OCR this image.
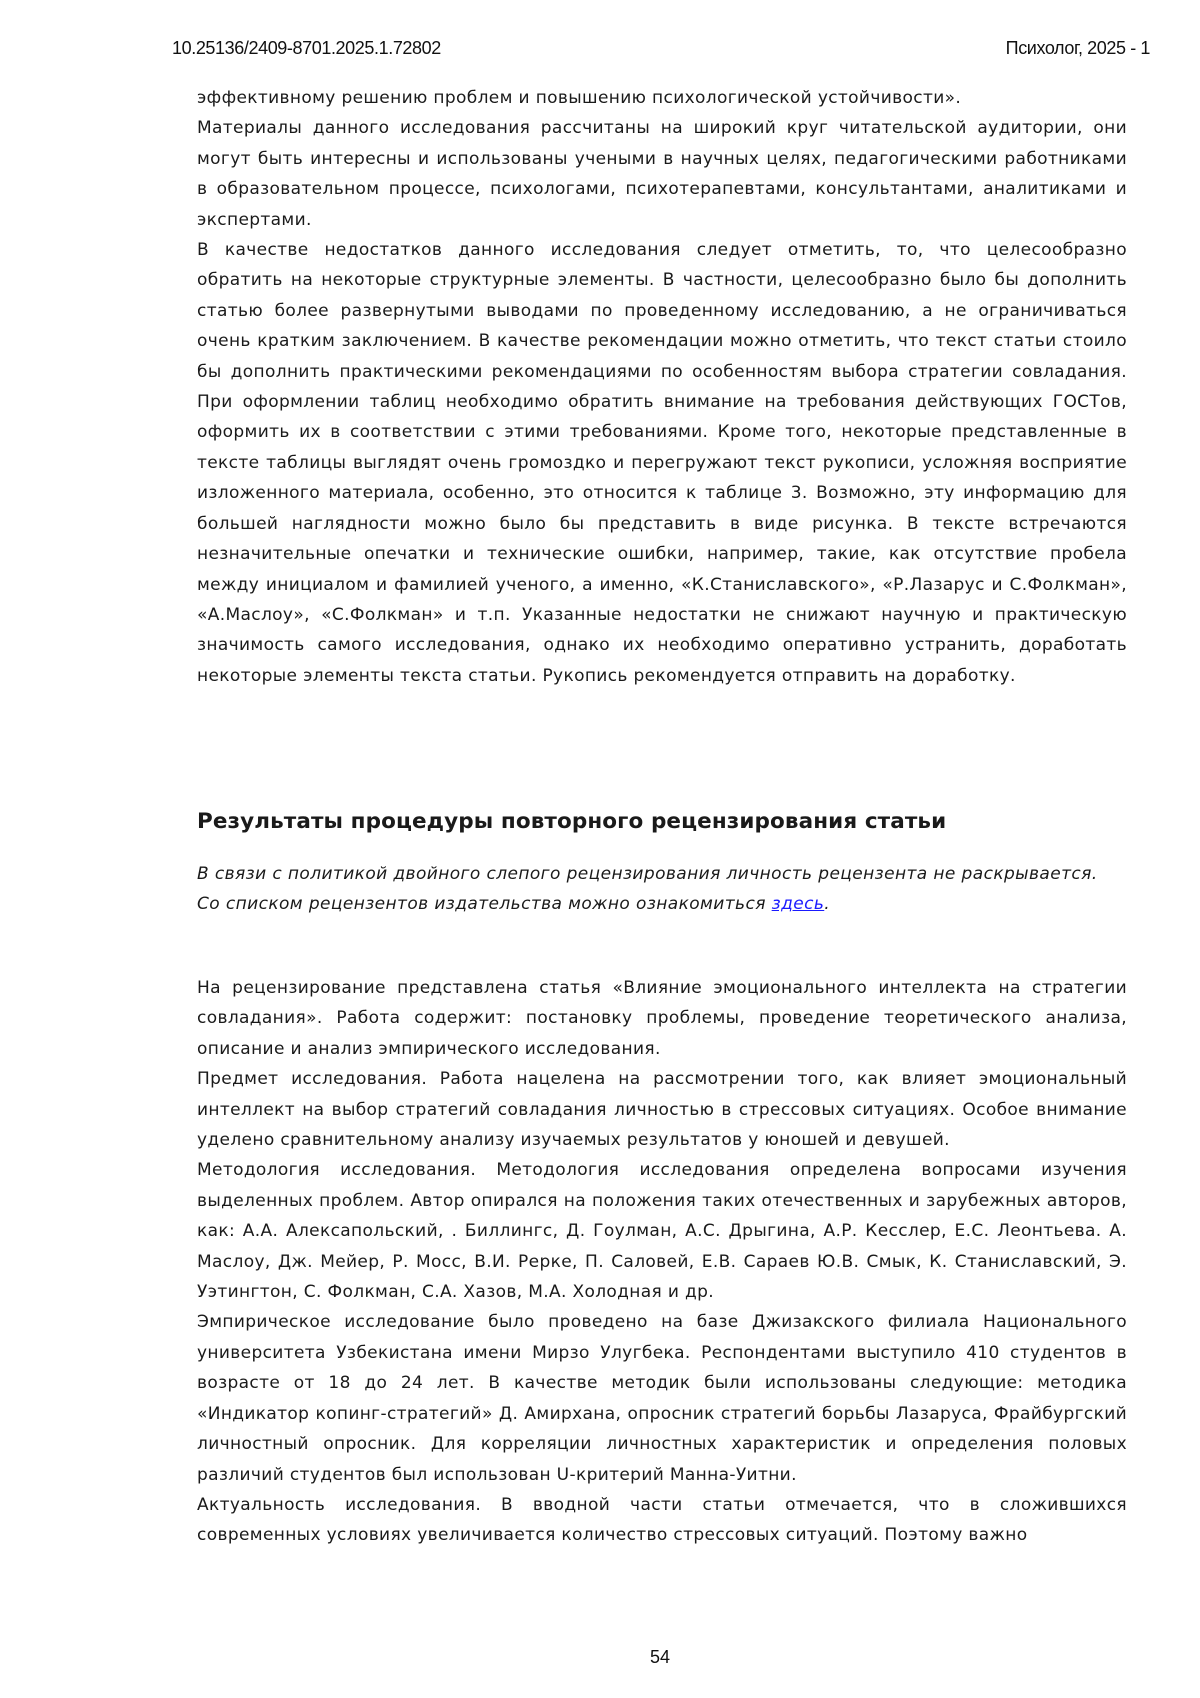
10.25136/2409-8701.2025.1.72802	Психолог, 2025 - 1

эффективному решению проблем и повышению психологической устойчивости».

Материалы данного исследования рассчитаны на широкий круг читательской аудитории, они могут быть интересны и использованы учеными в научных целях, педагогическими работниками в образовательном процессе, психологами, психотерапевтами, консультантами, аналитиками и экспертами.

В качестве недостатков данного исследования следует отметить, то, что целесообразно обратить на некоторые структурные элементы. В частности, целесообразно было бы дополнить статью более развернутыми выводами по проведенному исследованию, а не ограничиваться очень кратким заключением. В качестве рекомендации можно отметить, что текст статьи стоило бы дополнить практическими рекомендациями по особенностям выбора стратегии совладания. При оформлении таблиц необходимо обратить внимание на требования действующих ГОСТов, оформить их в соответствии с этими требованиями. Кроме того, некоторые представленные в тексте таблицы выглядят очень громоздко и перегружают текст рукописи, усложняя восприятие изложенного материала, особенно, это относится к таблице 3. Возможно, эту информацию для большей наглядности можно было бы представить в виде рисунка. В тексте встречаются незначительные опечатки и технические ошибки, например, такие, как отсутствие пробела между инициалом и фамилией ученого, а именно, «К.Станиславского», «Р.Лазарус и С.Фолкман», «А.Маслоу», «С.Фолкман» и т.п. Указанные недостатки не снижают научную и практическую значимость самого исследования, однако их необходимо оперативно устранить, доработать некоторые элементы текста статьи. Рукопись рекомендуется отправить на доработку.

Результаты процедуры повторного рецензирования статьи

В связи с политикой двойного слепого рецензирования личность рецензента не раскрывается.

Со списком рецензентов издательства можно ознакомиться здесь.

На рецензирование представлена статья «Влияние эмоционального интеллекта на стратегии совладания». Работа содержит: постановку проблемы, проведение теоретического анализа, описание и анализ эмпирического исследования.

Предмет исследования. Работа нацелена на рассмотрении того, как влияет эмоциональный интеллект на выбор стратегий совладания личностью в стрессовых ситуациях. Особое внимание уделено сравнительному анализу изучаемых результатов у юношей и девушей.

Методология исследования. Методология исследования определена вопросами изучения выделенных проблем. Автор опирался на положения таких отечественных и зарубежных авторов, как: А.А. Алексапольский, . Биллингс, Д. Гоулман, А.С. Дрыгина, А.Р. Кесслер, Е.С. Леонтьева. А. Маслоу, Дж. Мейер, Р. Мосс, В.И. Рерке, П. Саловей, Е.В. Сараев Ю.В. Смык, К. Станиславский, Э. Уэтингтон, С. Фолкман, С.А. Хазов, М.А. Холодная и др.

Эмпирическое исследование было проведено на базе Джизакского филиала Национального университета Узбекистана имени Мирзо Улугбека. Респондентами выступило 410 студентов в возрасте от 18 до 24 лет. В качестве методик были использованы следующие: методика «Индикатор копинг-стратегий» Д. Амирхана, опросник стратегий борьбы Лазаруса, Фрайбургский личностный опросник. Для корреляции личностных характеристик и определения половых различий студентов был использован U-критерий Манна-Уитни.

Актуальность исследования. В вводной части статьи отмечается, что в сложившихся современных условиях увеличивается количество стрессовых ситуаций. Поэтому важно

54
